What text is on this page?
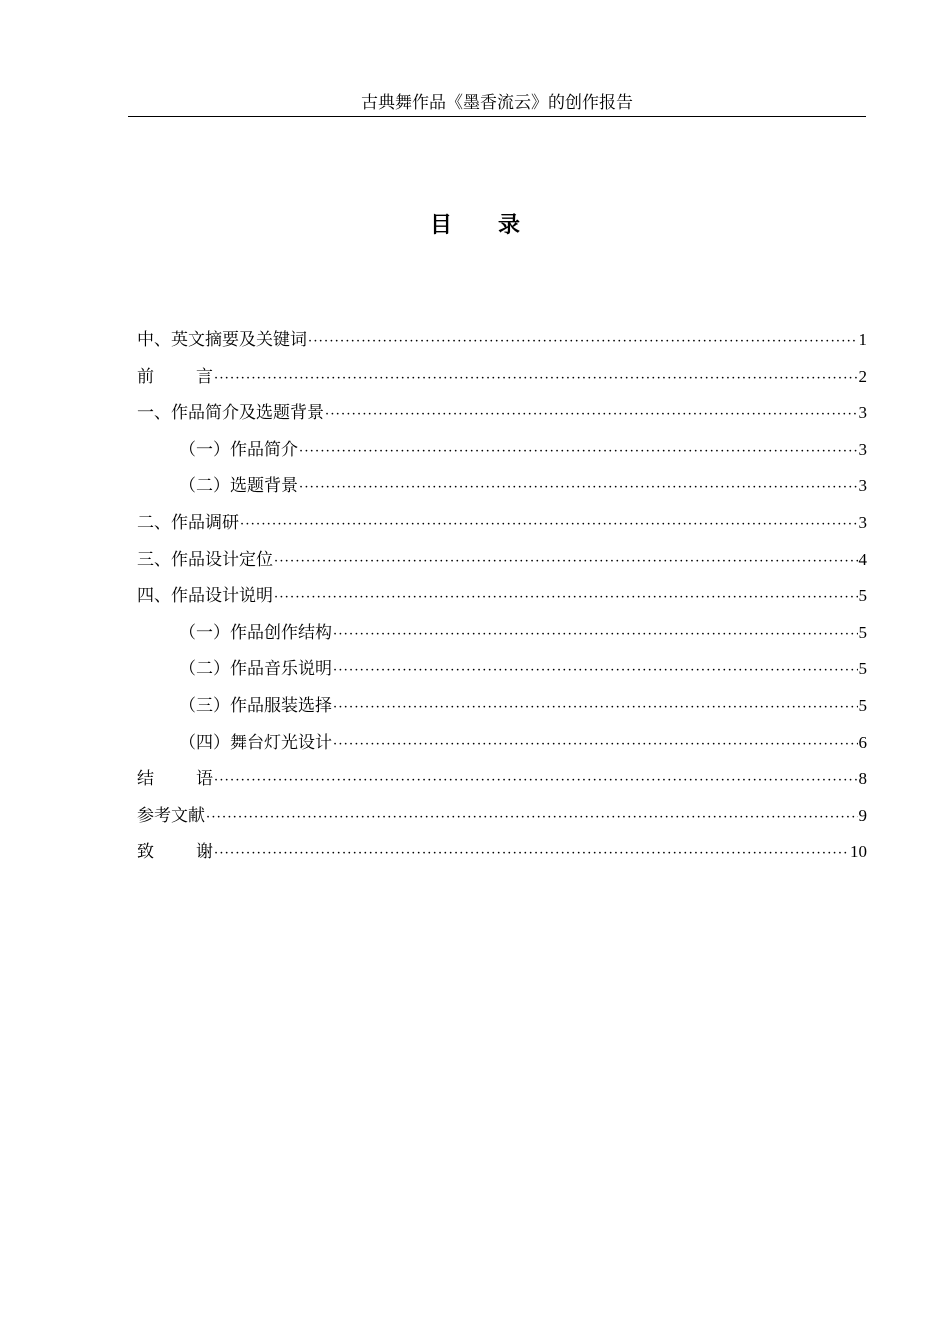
古典舞作品《墨香流云》的创作报告
目 录
中、英文摘要及关键词 ·····	1
前 言 ·····	2
一、作品简介及选题背景 ·····	3
（一）作品简介 ·····	3
（二）选题背景 ·····	3
二、作品调研 ·····	3
三、作品设计定位 ·····	4
四、作品设计说明 ·····	5
（一）作品创作结构 ·····	5
（二）作品音乐说明 ·····	5
（三）作品服装选择 ·····	5
（四）舞台灯光设计 ·····	6
结 语 ·····	8
参考文献 ·····	9
致 谢 ·····	10
